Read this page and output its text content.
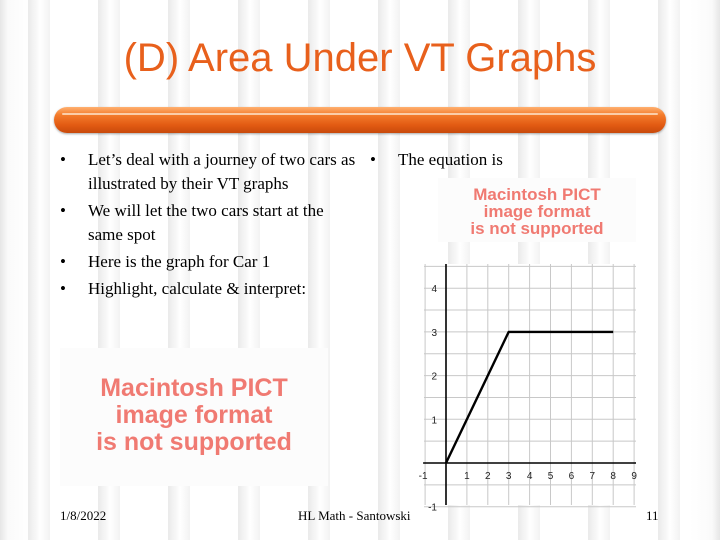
(D) Area Under VT Graphs
• Let’s deal with a journey of two cars as illustrated by their VT graphs
• We will let the two cars start at the same spot
• Here is the graph for Car 1
• Highlight, calculate & interpret:
• The equation is
Macintosh PICT
image format
is not supported
Macintosh PICT
image format
is not supported
-1	1 2 3 4 5 6 7 8 9
-1
1
2
3
4
1/8/2022	HL Math - Santowski	11
